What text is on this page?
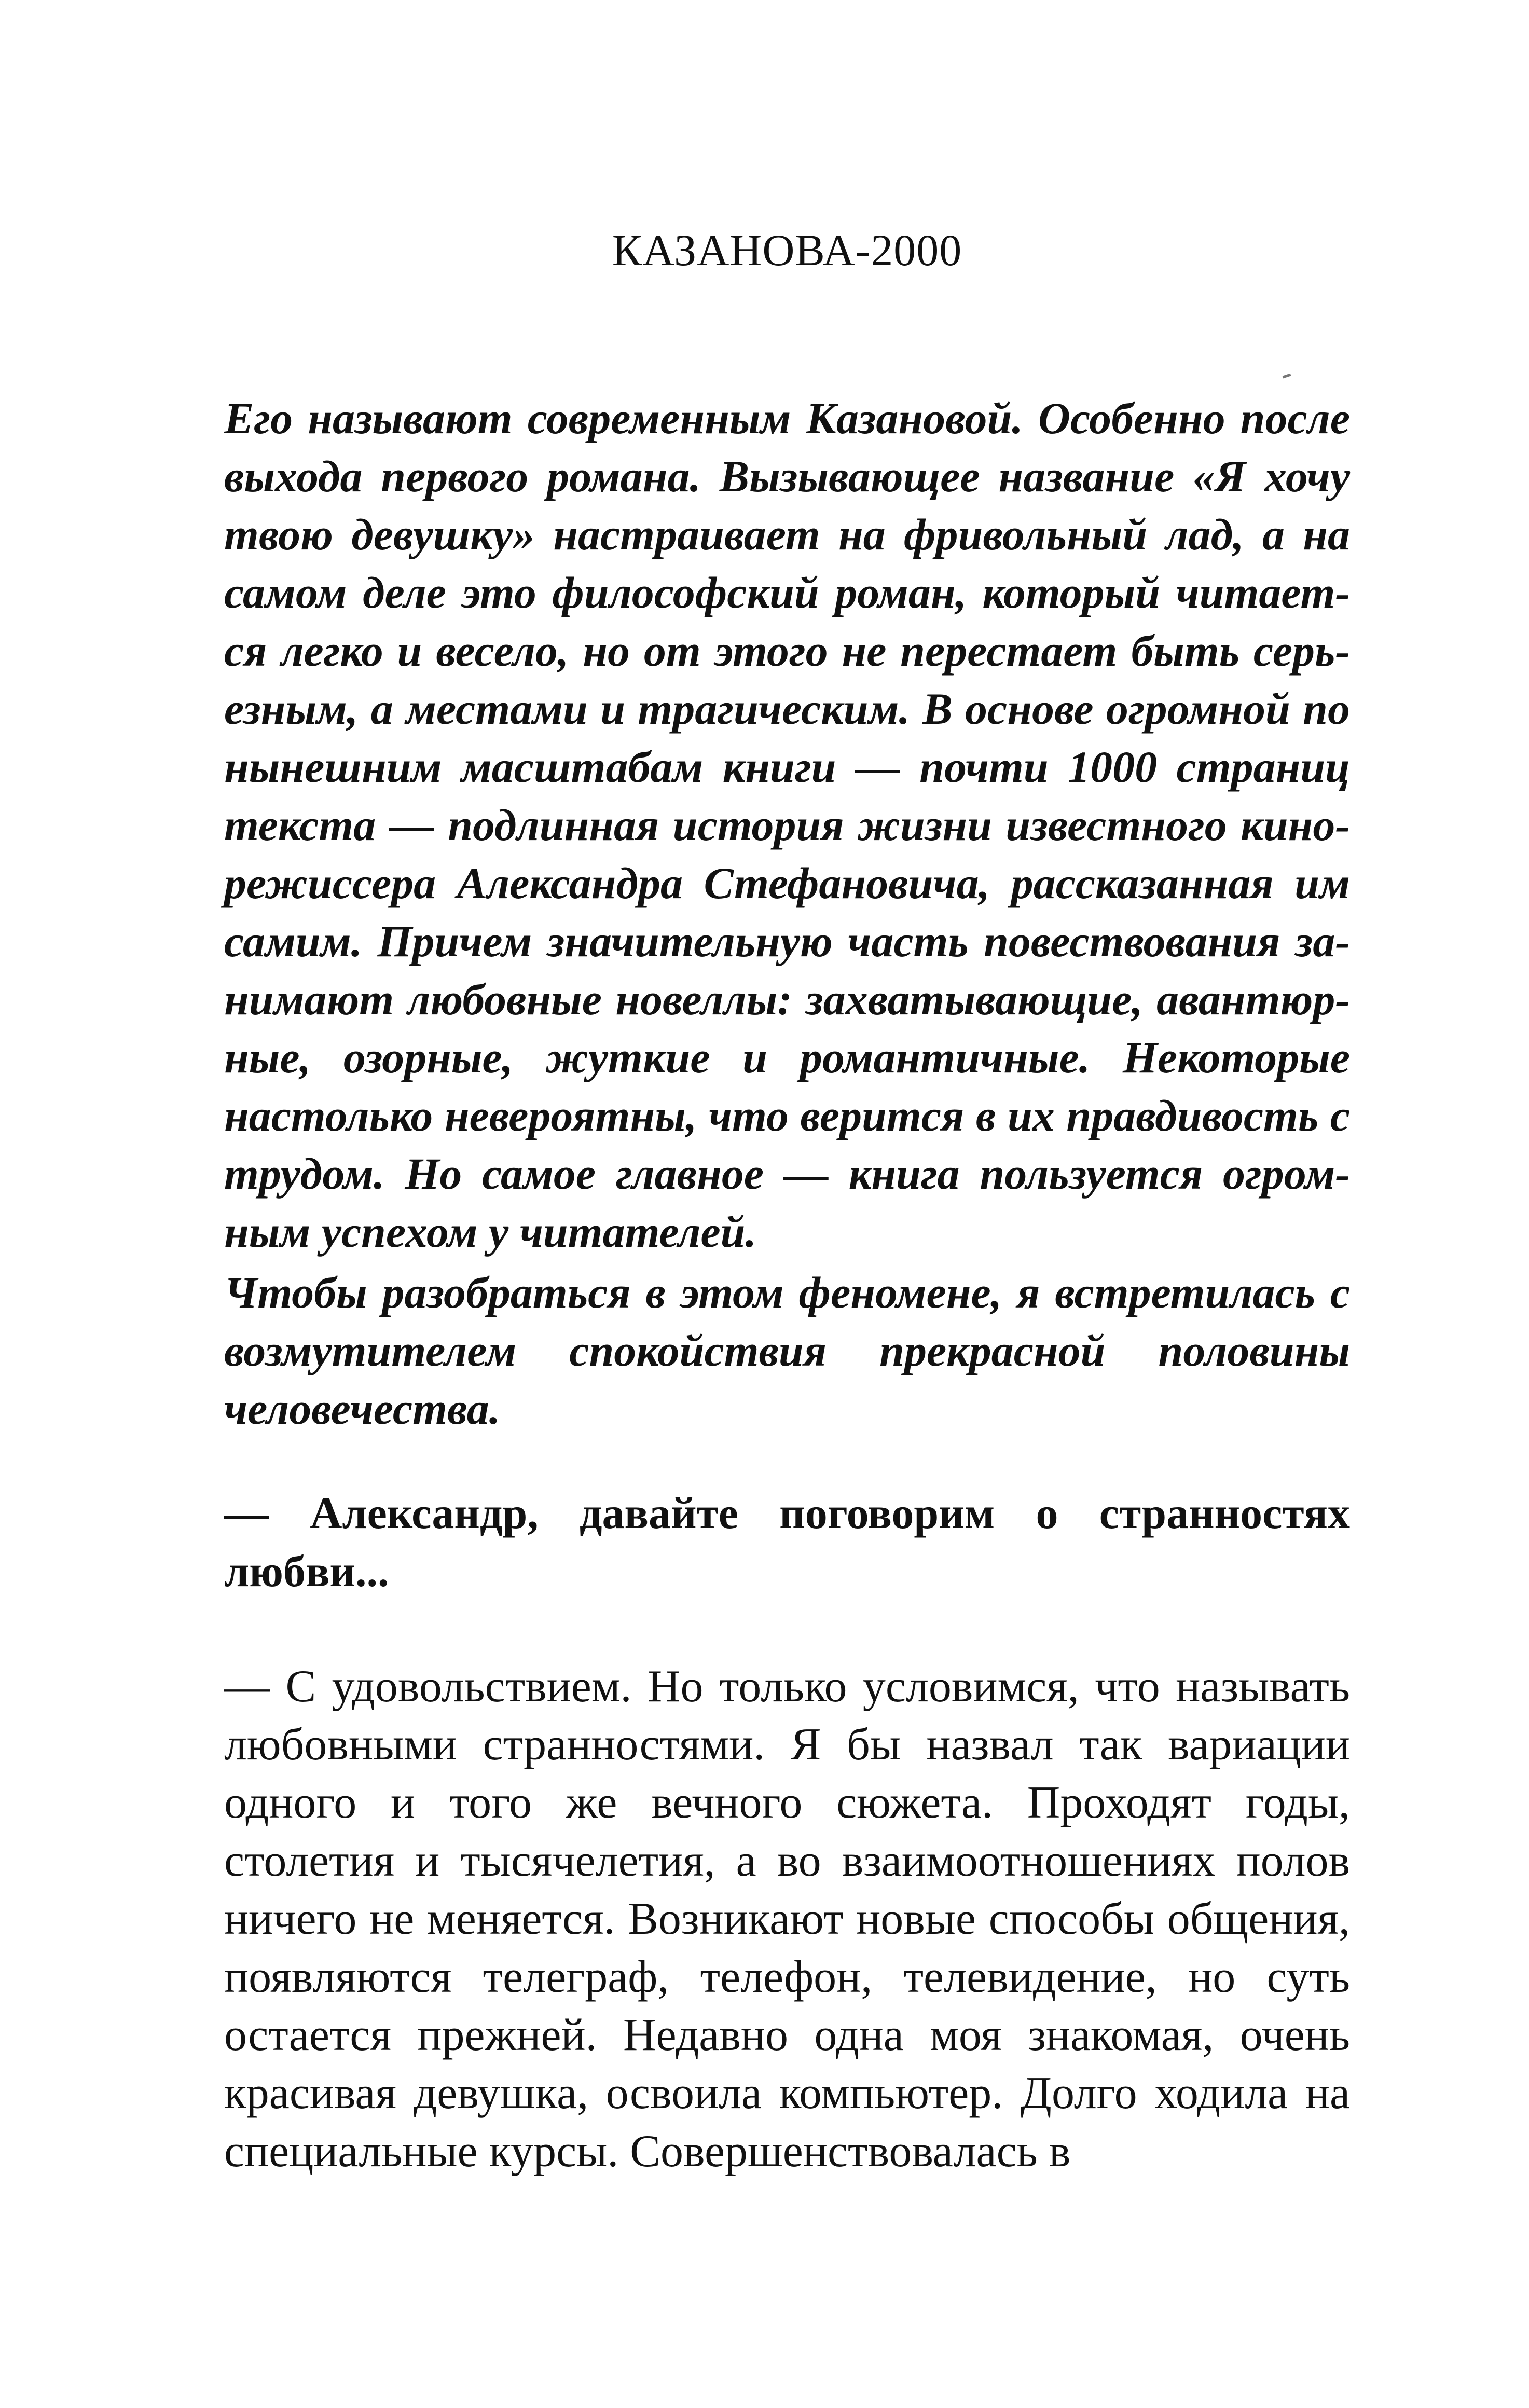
КАЗАНОВА-2000

Его называют современным Казановой. Особенно после выхода первого романа. Вызывающее название «Я хочу твою девушку» настраивает на фривольный лад, а на самом деле это философский роман, который читается легко и весело, но от этого не перестает быть серьезным, а местами и трагическим. В основе огромной по нынешним масштабам книги — почти 1000 страниц текста — подлинная история жизни известного кинорежиссера Александра Стефановича, рассказанная им самим. Причем значительную часть повествования занимают любовные новеллы: захватывающие, авантюрные, озорные, жуткие и романтичные. Некоторые настолько невероятны, что верится в их правдивость с трудом. Но самое главное — книга пользуется огромным успехом у читателей.

Чтобы разобраться в этом феномене, я встретилась с возмутителем спокойствия прекрасной половины человечества.

— Александр, давайте поговорим о странностях любви...

— С удовольствием. Но только условимся, что называть любовными странностями. Я бы назвал так вариации одного и того же вечного сюжета. Проходят годы, столетия и тысячелетия, а во взаимоотношениях полов ничего не меняется. Возникают новые способы общения, появляются телеграф, телефон, телевидение, но суть остается прежней. Недавно одна моя знакомая, очень красивая девушка, освоила компьютер. Долго ходила на специальные курсы. Совершенствовалась в
